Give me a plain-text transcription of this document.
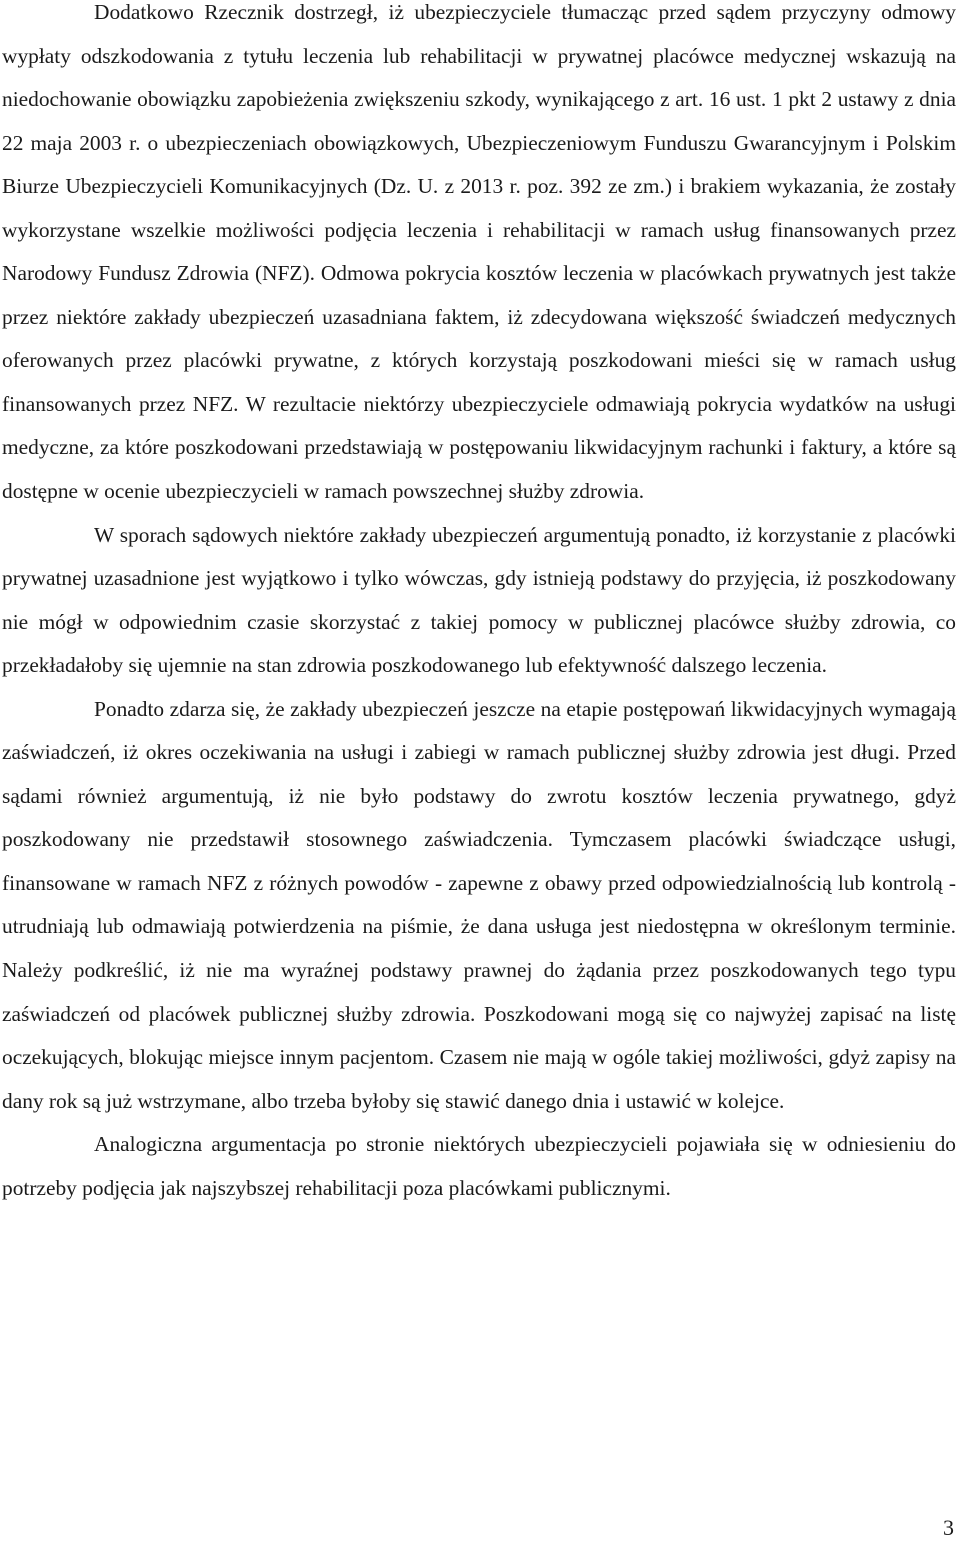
Dodatkowo Rzecznik dostrzegł, iż ubezpieczyciele tłumacząc przed sądem przyczyny odmowy wypłaty odszkodowania z tytułu leczenia lub rehabilitacji w prywatnej placówce medycznej wskazują na niedochowanie obowiązku zapobieżenia zwiększeniu szkody, wynikającego z art. 16 ust. 1 pkt 2 ustawy z dnia 22 maja 2003 r. o ubezpieczeniach obowiązkowych, Ubezpieczeniowym Funduszu Gwarancyjnym i Polskim Biurze Ubezpieczycieli Komunikacyjnych (Dz. U. z 2013 r. poz. 392 ze zm.) i brakiem wykazania, że zostały wykorzystane wszelkie możliwości podjęcia leczenia i rehabilitacji w ramach usług finansowanych przez Narodowy Fundusz Zdrowia (NFZ). Odmowa pokrycia kosztów leczenia w placówkach prywatnych jest także przez niektóre zakłady ubezpieczeń uzasadniana faktem, iż zdecydowana większość świadczeń medycznych oferowanych przez placówki prywatne, z których korzystają poszkodowani mieści się w ramach usług finansowanych przez NFZ. W rezultacie niektórzy ubezpieczyciele odmawiają pokrycia wydatków na usługi medyczne, za które poszkodowani przedstawiają w postępowaniu likwidacyjnym rachunki i faktury, a które są dostępne w ocenie ubezpieczycieli w ramach powszechnej służby zdrowia.

W sporach sądowych niektóre zakłady ubezpieczeń argumentują ponadto, iż korzystanie z placówki prywatnej uzasadnione jest wyjątkowo i tylko wówczas, gdy istnieją podstawy do przyjęcia, iż poszkodowany nie mógł w odpowiednim czasie skorzystać z takiej pomocy w publicznej placówce służby zdrowia, co przekładałoby się ujemnie na stan zdrowia poszkodowanego lub efektywność dalszego leczenia.

Ponadto zdarza się, że zakłady ubezpieczeń jeszcze na etapie postępowań likwidacyjnych wymagają zaświadczeń, iż okres oczekiwania na usługi i zabiegi w ramach publicznej służby zdrowia jest długi. Przed sądami również argumentują, iż nie było podstawy do zwrotu kosztów leczenia prywatnego, gdyż poszkodowany nie przedstawił stosownego zaświadczenia. Tymczasem placówki świadczące usługi, finansowane w ramach NFZ z różnych powodów - zapewne z obawy przed odpowiedzialnością lub kontrolą - utrudniają lub odmawiają potwierdzenia na piśmie, że dana usługa jest niedostępna w określonym terminie. Należy podkreślić, iż nie ma wyraźnej podstawy prawnej do żądania przez poszkodowanych tego typu zaświadczeń od placówek publicznej służby zdrowia. Poszkodowani mogą się co najwyżej zapisać na listę oczekujących, blokując miejsce innym pacjentom. Czasem nie mają w ogóle takiej możliwości, gdyż zapisy na dany rok są już wstrzymane, albo trzeba byłoby się stawić danego dnia i ustawić w kolejce.

Analogiczna argumentacja po stronie niektórych ubezpieczycieli pojawiała się w odniesieniu do potrzeby podjęcia jak najszybszej rehabilitacji poza placówkami publicznymi.

3
